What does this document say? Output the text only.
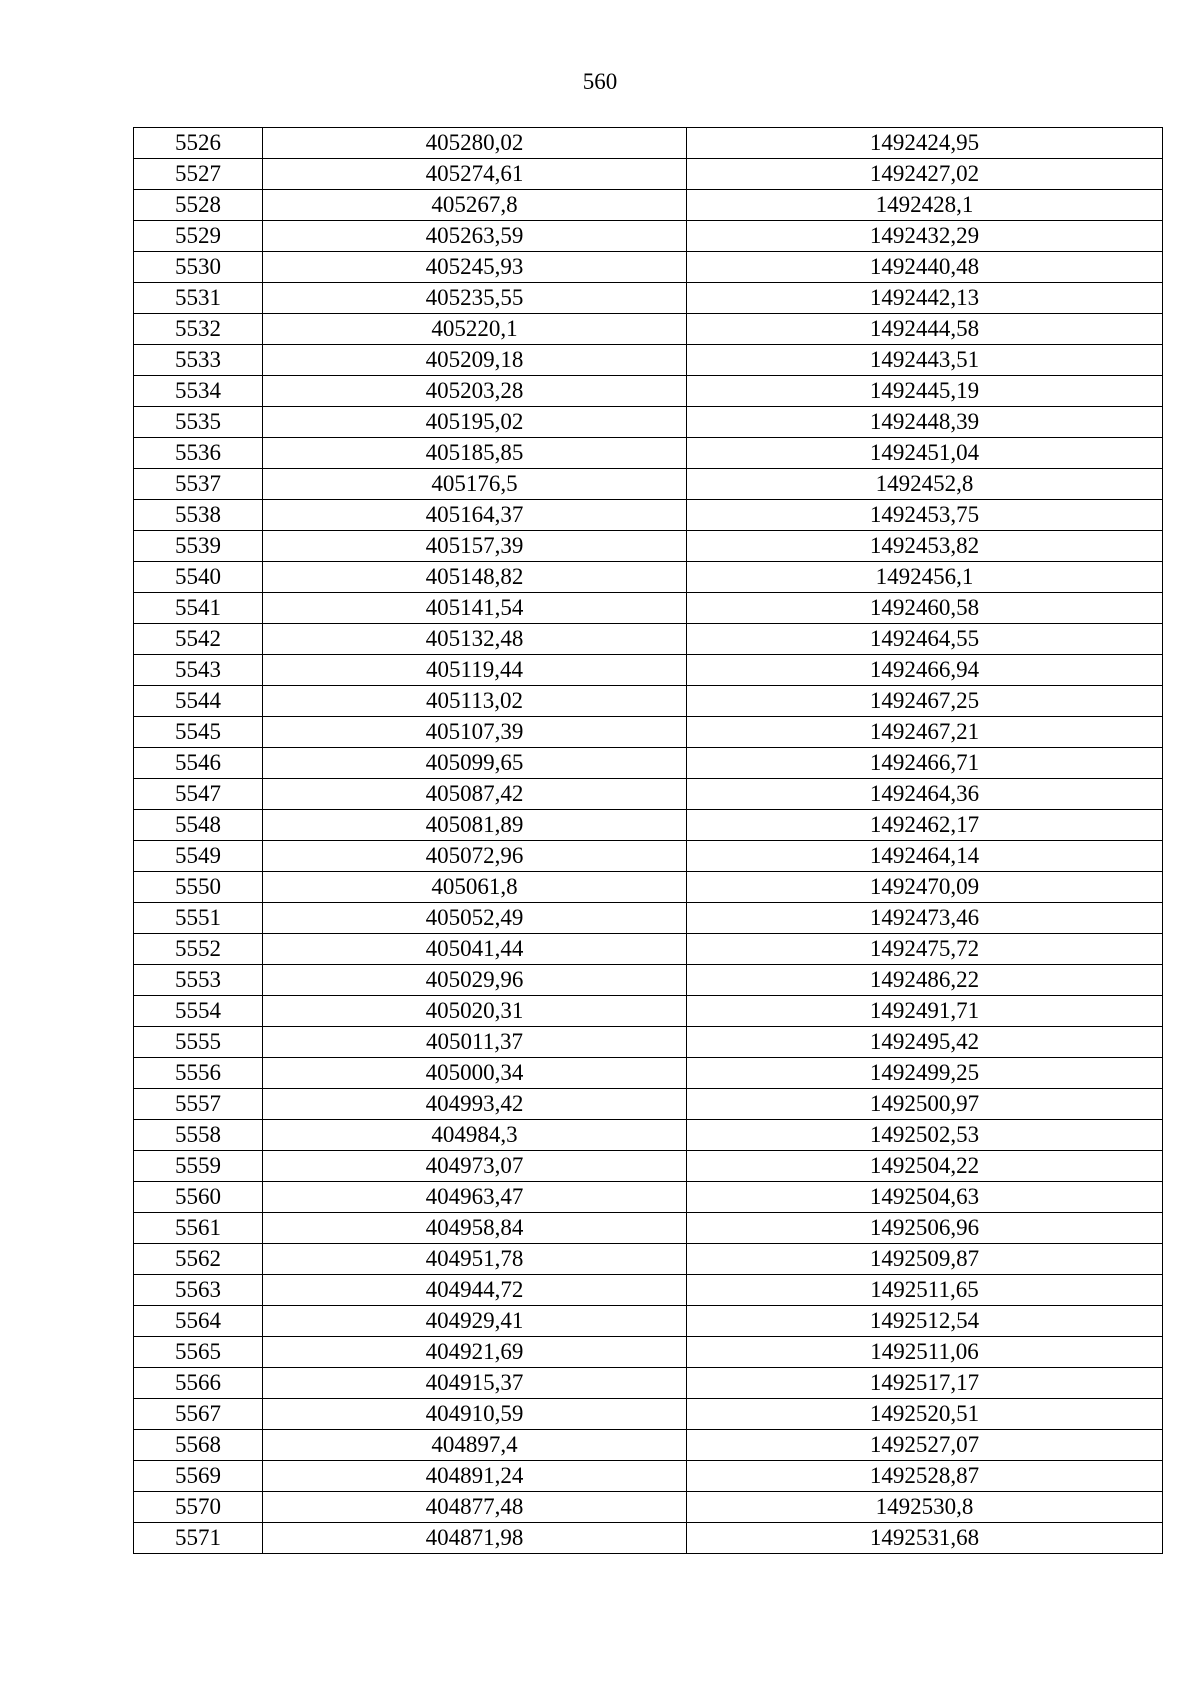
560
5526	405280,02	1492424,95
5527	405274,61	1492427,02
5528	405267,8	1492428,1
5529	405263,59	1492432,29
5530	405245,93	1492440,48
5531	405235,55	1492442,13
5532	405220,1	1492444,58
5533	405209,18	1492443,51
5534	405203,28	1492445,19
5535	405195,02	1492448,39
5536	405185,85	1492451,04
5537	405176,5	1492452,8
5538	405164,37	1492453,75
5539	405157,39	1492453,82
5540	405148,82	1492456,1
5541	405141,54	1492460,58
5542	405132,48	1492464,55
5543	405119,44	1492466,94
5544	405113,02	1492467,25
5545	405107,39	1492467,21
5546	405099,65	1492466,71
5547	405087,42	1492464,36
5548	405081,89	1492462,17
5549	405072,96	1492464,14
5550	405061,8	1492470,09
5551	405052,49	1492473,46
5552	405041,44	1492475,72
5553	405029,96	1492486,22
5554	405020,31	1492491,71
5555	405011,37	1492495,42
5556	405000,34	1492499,25
5557	404993,42	1492500,97
5558	404984,3	1492502,53
5559	404973,07	1492504,22
5560	404963,47	1492504,63
5561	404958,84	1492506,96
5562	404951,78	1492509,87
5563	404944,72	1492511,65
5564	404929,41	1492512,54
5565	404921,69	1492511,06
5566	404915,37	1492517,17
5567	404910,59	1492520,51
5568	404897,4	1492527,07
5569	404891,24	1492528,87
5570	404877,48	1492530,8
5571	404871,98	1492531,68
